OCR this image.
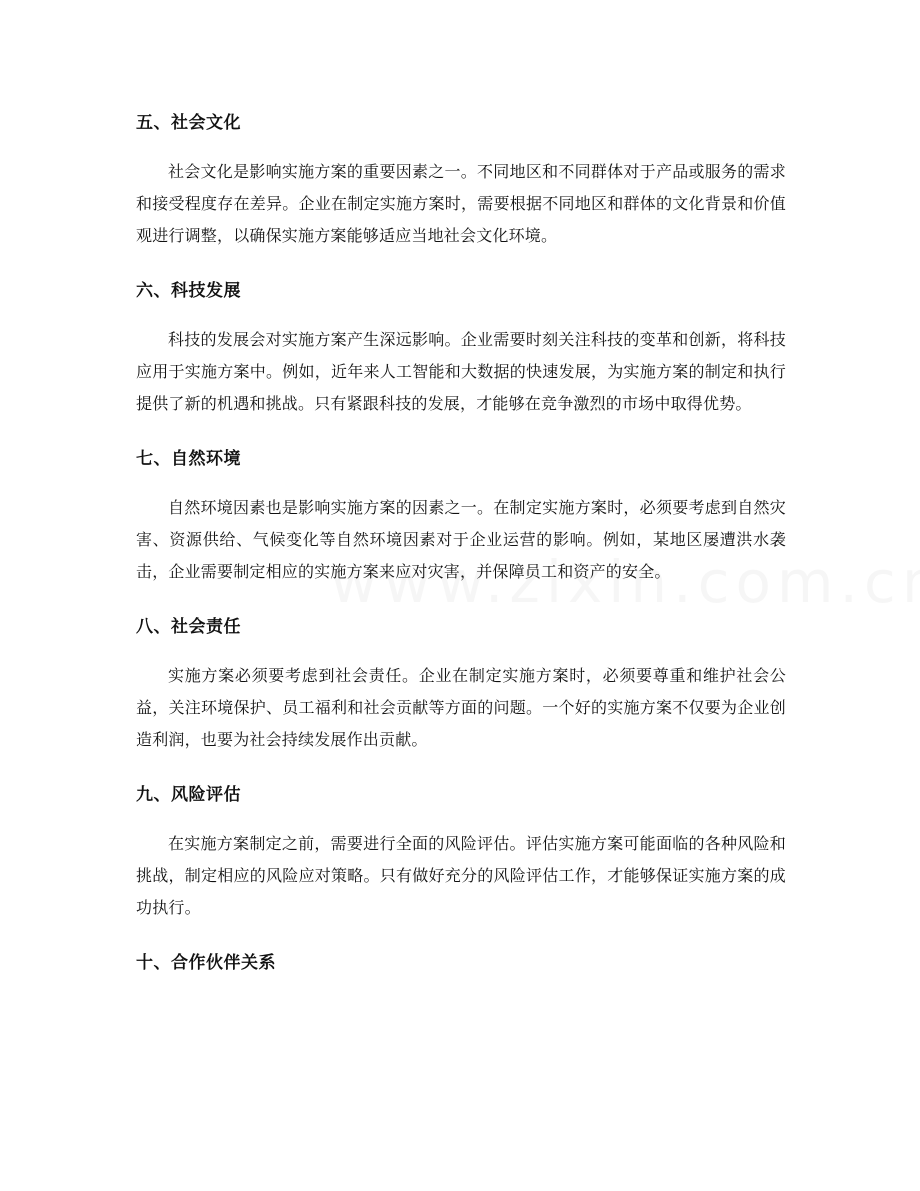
五、社会文化

社会文化是影响实施方案的重要因素之一。不同地区和不同群体对于产品或服务的需求和接受程度存在差异。企业在制定实施方案时，需要根据不同地区和群体的文化背景和价值观进行调整，以确保实施方案能够适应当地社会文化环境。

六、科技发展

科技的发展会对实施方案产生深远影响。企业需要时刻关注科技的变革和创新，将科技应用于实施方案中。例如，近年来人工智能和大数据的快速发展，为实施方案的制定和执行提供了新的机遇和挑战。只有紧跟科技的发展，才能够在竞争激烈的市场中取得优势。

七、自然环境

自然环境因素也是影响实施方案的因素之一。在制定实施方案时，必须要考虑到自然灾害、资源供给、气候变化等自然环境因素对于企业运营的影响。例如，某地区屡遭洪水袭击，企业需要制定相应的实施方案来应对灾害，并保障员工和资产的安全。

八、社会责任

实施方案必须要考虑到社会责任。企业在制定实施方案时，必须要尊重和维护社会公益，关注环境保护、员工福利和社会贡献等方面的问题。一个好的实施方案不仅要为企业创造利润，也要为社会持续发展作出贡献。

九、风险评估

在实施方案制定之前，需要进行全面的风险评估。评估实施方案可能面临的各种风险和挑战，制定相应的风险应对策略。只有做好充分的风险评估工作，才能够保证实施方案的成功执行。

十、合作伙伴关系
